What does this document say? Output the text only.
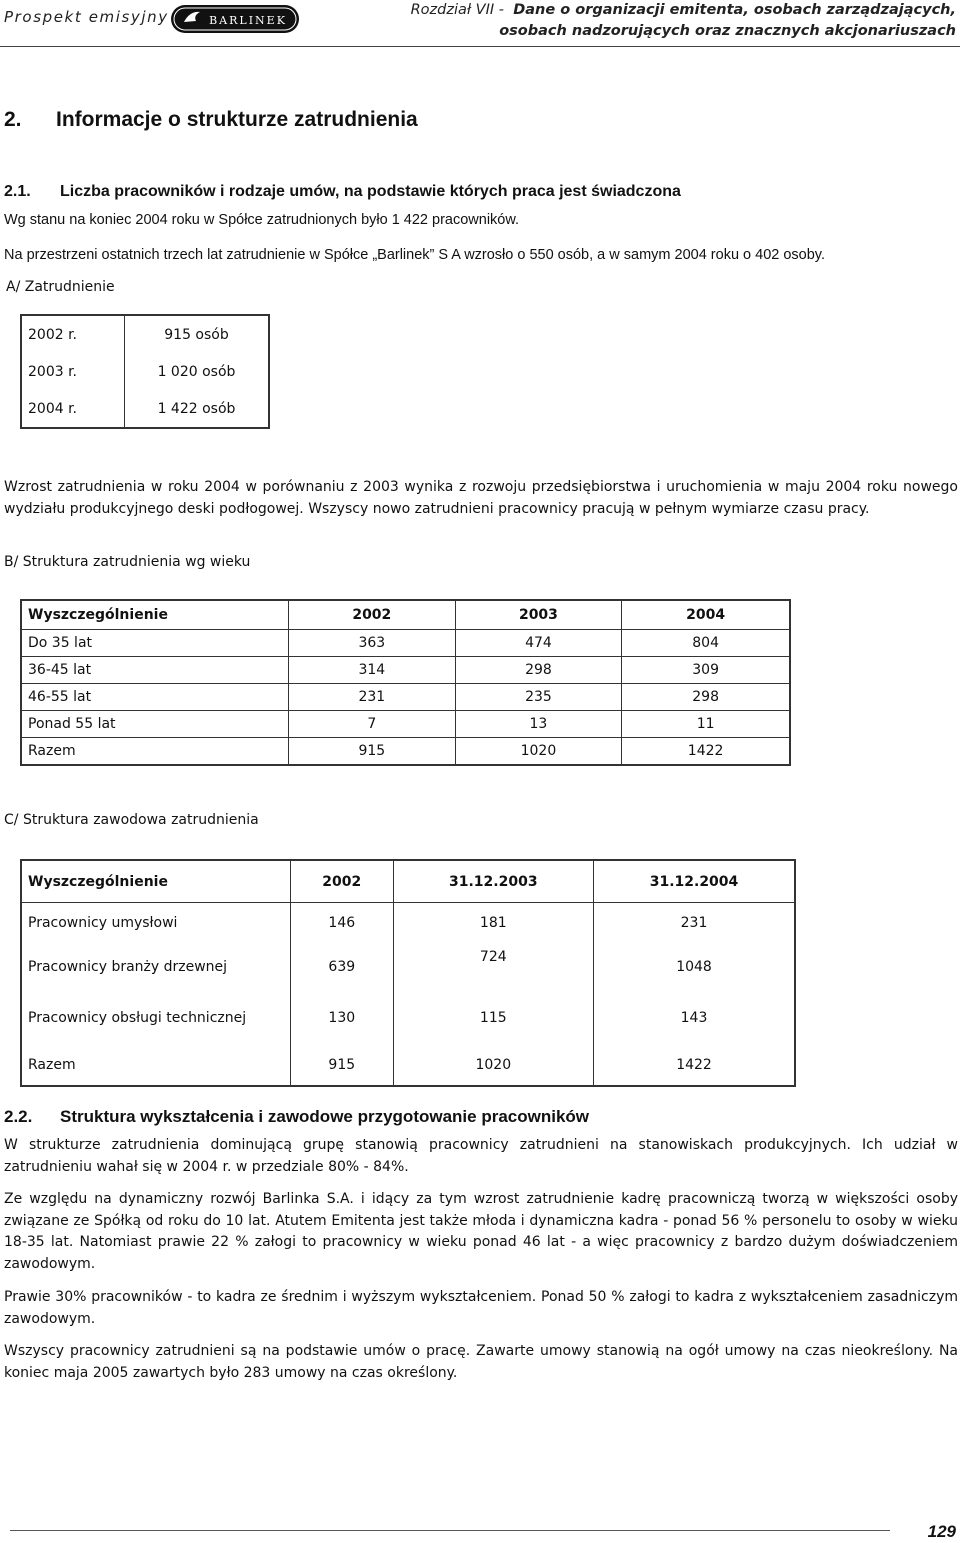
Prospekt emisyjny	BARLINEK
Rozdział VII - Dane o organizacji emitenta, osobach zarządzających,
osobach nadzorujących oraz znacznych akcjonariuszach
2. Informacje o strukturze zatrudnienia
2.1. Liczba pracowników i rodzaje umów, na podstawie których praca jest świadczona
Wg stanu na koniec 2004 roku w Spółce zatrudnionych było 1 422 pracowników.
Na przestrzeni ostatnich trzech lat zatrudnienie w Spółce „Barlinek” S A wzrosło o 550 osób, a w samym 2004 roku o 402 osoby.
A/ Zatrudnienie
2002 r.	915 osób
2003 r.	1 020 osób
2004 r.	1 422 osób
Wzrost zatrudnienia w roku 2004 w porównaniu z 2003 wynika z rozwoju przedsiębiorstwa i uruchomienia w maju 2004 roku nowego wydziału produkcyjnego deski podłogowej. Wszyscy nowo zatrudnieni pracownicy pracują w pełnym wymiarze czasu pracy.
B/ Struktura zatrudnienia wg wieku
Wyszczególnienie	2002	2003	2004
Do 35 lat	363	474	804
36-45 lat	314	298	309
46-55 lat	231	235	298
Ponad 55 lat	7	13	11
Razem	915	1020	1422
C/ Struktura zawodowa zatrudnienia
Wyszczególnienie	2002	31.12.2003	31.12.2004
Pracownicy umysłowi	146	181	231
Pracownicy branży drzewnej	639	724	1048
Pracownicy obsługi technicznej	130	115	143
Razem	915	1020	1422
2.2. Struktura wykształcenia i zawodowe przygotowanie pracowników
W strukturze zatrudnienia dominującą grupę stanowią pracownicy zatrudnieni na stanowiskach produkcyjnych. Ich udział w zatrudnieniu wahał się w 2004 r. w przedziale 80% - 84%.
Ze względu na dynamiczny rozwój Barlinka S.A. i idący za tym wzrost zatrudnienie kadrę pracowniczą tworzą w większości osoby związane ze Spółką od roku do 10 lat. Atutem Emitenta jest także młoda i dynamiczna kadra - ponad 56 % personelu to osoby w wieku 18-35 lat. Natomiast prawie 22 % załogi to pracownicy w wieku ponad 46 lat - a więc pracownicy z bardzo dużym doświadczeniem zawodowym.
Prawie 30% pracowników - to kadra ze średnim i wyższym wykształceniem. Ponad 50 % załogi to kadra z wykształceniem zasadniczym zawodowym.
Wszyscy pracownicy zatrudnieni są na podstawie umów o pracę. Zawarte umowy stanowią na ogół umowy na czas nieokreślony. Na koniec maja 2005 zawartych było 283 umowy na czas określony.
129
